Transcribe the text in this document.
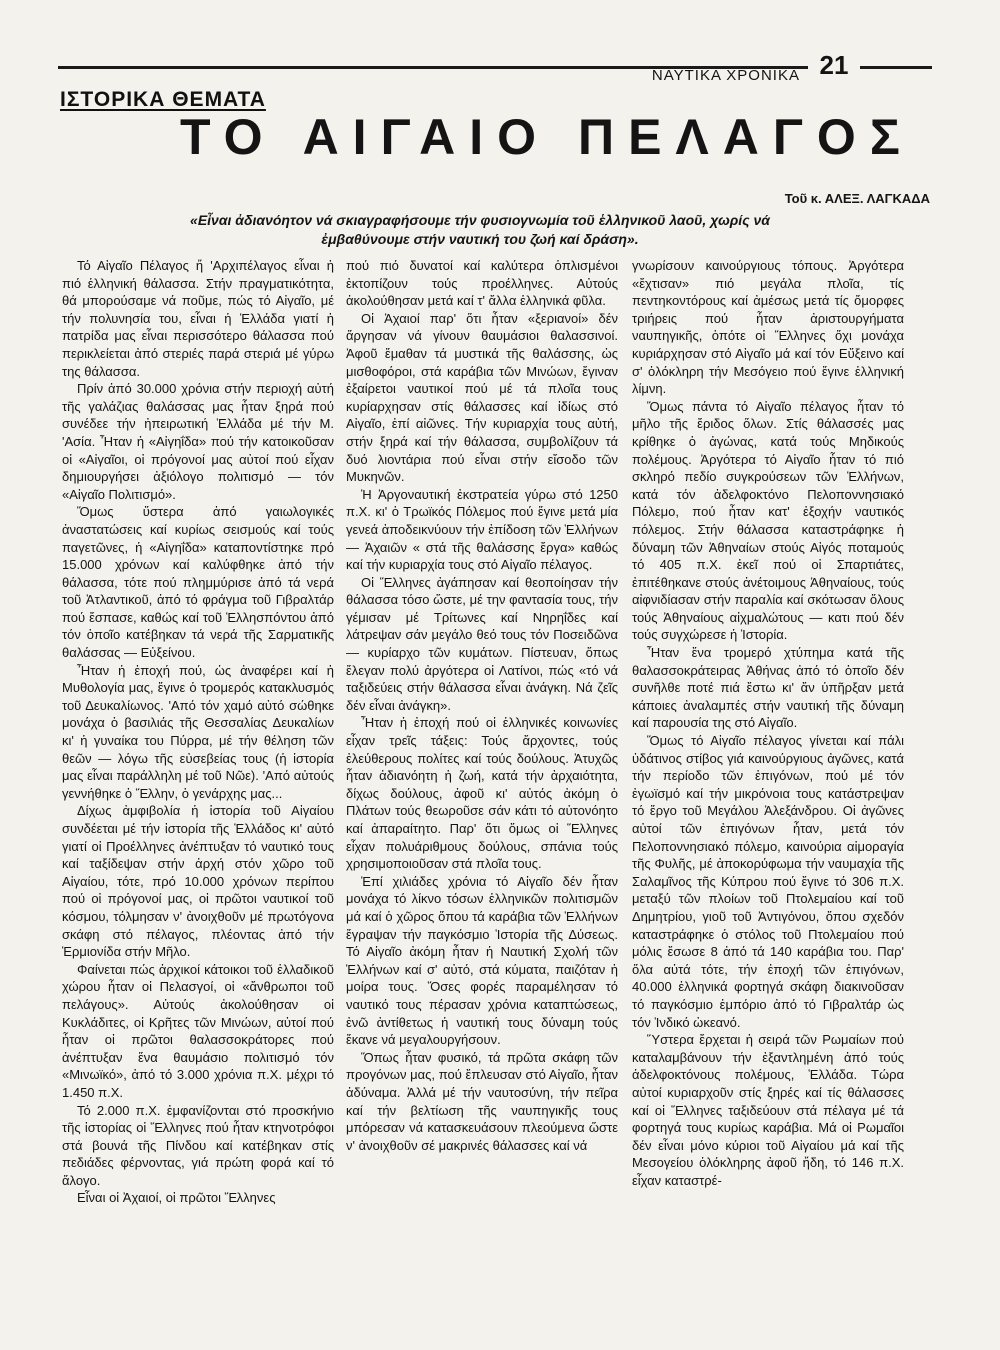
ΝΑΥΤΙΚΑ ΧΡΟΝΙΚΑ 21
ΙΣΤΟΡΙΚΑ ΘΕΜΑΤΑ
ΤΟ ΑΙΓΑΙΟ ΠΕΛΑΓΟΣ
Τοῦ κ. ΑΛΕΞ. ΛΑΓΚΑΔΑ
«Εἶναι ἀδιανόητον νά σκιαγραφήσουμε τήν φυσιογνωμία τοῦ ἑλληνικοῦ λαοῦ, χωρίς νά ἐμβαθύνουμε στήν ναυτική του ζωή καί δράση».

Τό Αἰγαῖο Πέλαγος ἤ 'Αρχιπέλαγος εἶναι ἡ πιό ἑλληνική θάλασσα. Στήν πραγματικότητα, θά μπορούσαμε νά ποῦμε, πώς τό Αἰγαῖο, μέ τήν πολυνησία του, εἶναι ἡ Ἑλλάδα γιατί ἡ πατρίδα μας εἶναι περισσότερο θάλασσα πού περικλείεται ἀπό στεριές παρά στεριά μέ γύρω της θάλασσα.

Πρίν ἀπό 30.000 χρόνια στήν περιοχή αὐτή τῆς γαλάζιας θαλάσσας μας ἦταν ξηρά πού συνέδεε τήν ἠπειρωτική Ἑλλάδα μέ τήν Μ. 'Ασία. Ἦταν ἡ «Αἰγηΐδα» πού τήν κατοικοῦσαν οἱ «Αἰγαῖοι, οἱ πρόγονοί μας αὐτοί πού εἶχαν δημιουργήσει ἀξιόλογο πολιτισμό — τόν «Αἰγαῖο Πολιτισμό».

Ὅμως ὕστερα ἀπό γαιωλογικές ἀναστατώσεις καί κυρίως σεισμούς καί τούς παγετῶνες, ἡ «Αἰγηΐδα» καταποντίστηκε πρό 15.000 χρόνων καί καλύφθηκε ἀπό τήν θάλασσα, τότε πού πλημμύρισε ἀπό τά νερά τοῦ Ἀτλαντικοῦ, ἀπό τό φράγμα τοῦ Γιβραλτάρ πού ἔσπασε, καθώς καί τοῦ Ἑλλησπόντου ἀπό τόν ὁποῖο κατέβηκαν τά νερά τῆς Σαρματικῆς θαλάσσας — Εὐξείνου.

Ἦταν ἡ ἐποχή πού, ὡς ἀναφέρει καί ἡ Μυθολογία μας, ἔγινε ὁ τρομερός κατακλυσμός τοῦ Δευκαλίωνος. 'Από τόν χαμό αὐτό σώθηκε μονάχα ὁ βασιλιάς τῆς Θεσσαλίας Δευκαλίων κι' ἡ γυναίκα του Πύρρα, μέ τήν θέληση τῶν θεῶν — λόγω τῆς εὐσεβείας τους (ἡ ἱστορία μας εἶναι παράλληλη μέ τοῦ Νῶε). 'Από αὐτούς γεννήθηκε ὁ Ἕλλην, ὁ γενάρχης μας...

Δίχως ἀμφιβολία ἡ ἱστορία τοῦ Αἰγαίου συνδέεται μέ τήν ἱστορία τῆς Ἑλλάδος κι' αὐτό γιατί οἱ Προέλληνες ἀνέπτυξαν τό ναυτικό τους καί ταξίδεψαν στήν ἀρχή στόν χῶρο τοῦ Αἰγαίου, τότε, πρό 10.000 χρόνων περίπου πού οἱ πρόγονοί μας, οἱ πρῶτοι ναυτικοί τοῦ κόσμου, τόλμησαν ν' ἀνοιχθοῦν μέ πρωτόγονα σκάφη στό πέλαγος, πλέοντας ἀπό τήν Ἑρμιονίδα στήν Μῆλο.

Φαίνεται πώς ἀρχικοί κάτοικοι τοῦ ἑλλαδικοῦ χώρου ἦταν οἱ Πελασγοί, οἱ «ἄνθρωποι τοῦ πελάγους». Αὐτούς ἀκολούθησαν οἱ Κυκλάδιτες, οἱ Κρῆτες τῶν Μινώων, αὐτοί πού ἦταν οἱ πρῶτοι θαλασσοκράτορες πού ἀνέπτυξαν ἕνα θαυμάσιο πολιτισμό τόν «Μινωϊκό», ἀπό τό 3.000 χρόνια π.Χ. μέχρι τό 1.450 π.Χ.

Τό 2.000 π.Χ. ἐμφανίζονται στό προσκήνιο τῆς ἱστορίας οἱ Ἕλληνες πού ἦταν κτηνοτρόφοι στά βουνά τῆς Πίνδου καί κατέβηκαν στίς πεδιάδες φέρνοντας, γιά πρώτη φορά καί τό ἄλογο.

Εἶναι οἱ Ἀχαιοί, οἱ πρῶτοι Ἕλληνες

πού πιό δυνατοί καί καλύτερα ὁπλισμένοι ἐκτοπίζουν τούς προέλληνες. Αὐτούς ἀκολούθησαν μετά καί τ' ἄλλα ἑλληνικά φῦλα.

Οἱ Ἀχαιοί παρ' ὅτι ἦταν «ξεριανοί» δέν ἄργησαν νά γίνουν θαυμάσιοι θαλασσινοί. Ἀφοῦ ἔμαθαν τά μυστικά τῆς θαλάσσης, ὡς μισθοφόροι, στά καράβια τῶν Μινώων, ἔγιναν ἐξαίρετοι ναυτικοί πού μέ τά πλοῖα τους κυρίαρχησαν στίς θάλασσες καί ἰδίως στό Αἰγαῖο, ἐπί αἰῶνες. Τήν κυριαρχία τους αὐτή, στήν ξηρά καί τήν θάλασσα, συμβολίζουν τά δυό λιοντάρια πού εἶναι στήν εἴσοδο τῶν Μυκηνῶν.

Ἡ Ἀργοναυτική ἐκστρατεία γύρω στό 1250 π.Χ. κι' ὁ Τρωϊκός Πόλεμος πού ἔγινε μετά μία γενεά ἀποδεικνύουν τήν ἐπίδοση τῶν Ἑλλήνων — Ἀχαιῶν « στά τῆς θαλάσσης ἔργα» καθώς καί τήν κυριαρχία τους στό Αἰγαῖο πέλαγος.

Οἱ Ἕλληνες ἀγάπησαν καί θεοποίησαν τήν θάλασσα τόσο ὥστε, μέ την φαντασία τους, τήν γέμισαν μέ Τρίτωνες καί Νηρηΐδες καί λάτρεψαν σάν μεγάλο θεό τους τόν Ποσειδῶνα — κυρίαρχο τῶν κυμάτων. Πίστευαν, ὅπως ἔλεγαν πολύ ἀργότερα οἱ Λατίνοι, πώς «τό νά ταξιδεύεις στήν θάλασσα εἶναι ἀνάγκη. Νά ζεῖς δέν εἶναι ἀνάγκη».

Ἦταν ἡ ἐποχή πού οἱ ἑλληνικές κοινωνίες εἶχαν τρεῖς τάξεις: Τούς ἄρχοντες, τούς ἐλεύθερους πολίτες καί τούς δούλους. Ἀτυχῶς ἦταν ἀδιανόητη ἡ ζωή, κατά τήν ἀρχαιότητα, δίχως δούλους, ἀφοῦ κι' αὐτός ἀκόμη ὁ Πλάτων τούς θεωροῦσε σάν κάτι τό αὐτονόητο καί ἀπαραίτητο. Παρ' ὅτι ὅμως οἱ Ἕλληνες εἶχαν πολυάριθμους δούλους, σπάνια τούς χρησιμοποιοῦσαν στά πλοῖα τους.

Ἐπί χιλιάδες χρόνια τό Αἰγαῖο δέν ἦταν μονάχα τό λίκνο τόσων ἑλληνικῶν πολιτισμῶν μά καί ὁ χῶρος ὅπου τά καράβια τῶν Ἑλλήνων ἔγραψαν τήν παγκόσμιο Ἱστορία τῆς Δύσεως. Τό Αἰγαῖο ἀκόμη ἦταν ἡ Ναυτική Σχολή τῶν Ἑλλήνων καί σ' αὐτό, στά κύματα, παιζόταν ἡ μοίρα τους. Ὅσες φορές παραμέλησαν τό ναυτικό τους πέρασαν χρόνια καταπτώσεως, ἐνῶ ἀντίθετως ἡ ναυτική τους δύναμη τούς ἔκανε νά μεγαλουργήσουν.

Ὅπως ἦταν φυσικό, τά πρῶτα σκάφη τῶν προγόνων μας, πού ἔπλευσαν στό Αἰγαῖο, ἦταν ἀδύναμα. Ἀλλά μέ τήν ναυτοσύνη, τήν πεῖρα καί τήν βελτίωση τῆς ναυπηγικῆς τους μπόρεσαν νά κατασκευάσουν πλεούμενα ὥστε ν' ἀνοιχθοῦν σέ μακρινές θάλασσες καί νά

γνωρίσουν καινούργιους τόπους. Ἀργότερα «ἔχτισαν» πιό μεγάλα πλοῖα, τίς πεντηκοντόρους καί ἀμέσως μετά τίς ὄμορφες τριήρεις πού ἦταν ἀριστουργήματα ναυπηγικῆς, ὁπότε οἱ Ἕλληνες ὄχι μονάχα κυριάρχησαν στό Αἰγαῖο μά καί τόν Εὔξεινο καί σ' ὁλόκληρη τήν Μεσόγειο πού ἔγινε ἑλληνική λίμνη.

Ὅμως πάντα τό Αἰγαῖο πέλαγος ἦταν τό μῆλο τῆς ἔριδος ὅλων. Στίς θάλασσές μας κρίθηκε ὁ ἀγώνας, κατά τούς Μηδικούς πολέμους. Ἀργότερα τό Αἰγαῖο ἦταν τό πιό σκληρό πεδίο συγκρούσεων τῶν Ἑλλήνων, κατά τόν ἀδελφοκτόνο Πελοποννησιακό Πόλεμο, πού ἦταν κατ' ἐξοχήν ναυτικός πόλεμος. Στήν θάλασσα καταστράφηκε ἡ δύναμη τῶν Ἀθηναίων στούς Αἰγός ποταμούς τό 405 π.Χ. ἐκεῖ πού οἱ Σπαρτιάτες, ἐπιτέθηκανε στούς ἀνέτοιμους Ἀθηναίους, τούς αἰφνιδίασαν στήν παραλία καί σκότωσαν ὅλους τούς Ἀθηναίους αἰχμαλώτους — κατι πού δέν τούς συγχώρεσε ἡ Ἱστορία.

Ἦταν ἕνα τρομερό χτύπημα κατά τῆς θαλασσοκράτειρας Ἀθήνας ἀπό τό ὁποῖο δέν συνῆλθε ποτέ πιά ἔστω κι' ἄν ὑπῆρξαν μετά κάποιες ἀναλαμπές στήν ναυτική τῆς δύναμη καί παρουσία της στό Αἰγαῖο.

Ὅμως τό Αἰγαῖο πέλαγος γίνεται καί πάλι ὑδάτινος στίβος γιά καινούργιους ἀγῶνες, κατά τήν περίοδο τῶν ἐπιγόνων, πού μέ τόν ἐγωϊσμό καί τήν μικρόνοια τους κατάστρεψαν τό ἔργο τοῦ Μεγάλου Ἀλεξάνδρου. Οἱ ἀγῶνες αὐτοί τῶν ἐπιγόνων ἦταν, μετά τόν Πελοποννησιακό πόλεμο, καινούρια αἱμοραγία τῆς Φυλῆς, μέ ἀποκορύφωμα τήν ναυμαχία τῆς Σαλαμῖνος τῆς Κύπρου πού ἔγινε τό 306 π.Χ. μεταξύ τῶν πλοίων τοῦ Πτολεμαίου καί τοῦ Δημητρίου, γιοῦ τοῦ Ἀντιγόνου, ὅπου σχεδόν καταστράφηκε ὁ στόλος τοῦ Πτολεμαίου πού μόλις ἔσωσε 8 ἀπό τά 140 καράβια του. Παρ' ὅλα αὐτά τότε, τήν ἐποχή τῶν ἐπιγόνων, 40.000 ἑλληνικά φορτηγά σκάφη διακινοῦσαν τό παγκόσμιο ἐμπόριο ἀπό τό Γιβραλτάρ ὡς τόν Ἰνδικό ὠκεανό.

Ὕστερα ἔρχεται ἡ σειρά τῶν Ρωμαίων πού καταλαμβάνουν τήν ἐξαντλημένη ἀπό τούς ἀδελφοκτόνους πολέμους, Ἑλλάδα. Τώρα αὐτοί κυριαρχοῦν στίς ξηρές καί τίς θάλασσες καί οἱ Ἕλληνες ταξιδεύουν στά πέλαγα μέ τά φορτηγά τους κυρίως καράβια. Μά οἱ Ρωμαῖοι δέν εἶναι μόνο κύριοι τοῦ Αἰγαίου μά καί τῆς Μεσογείου ὁλόκληρης ἀφοῦ ἤδη, τό 146 π.Χ. εἶχαν καταστρέ-
